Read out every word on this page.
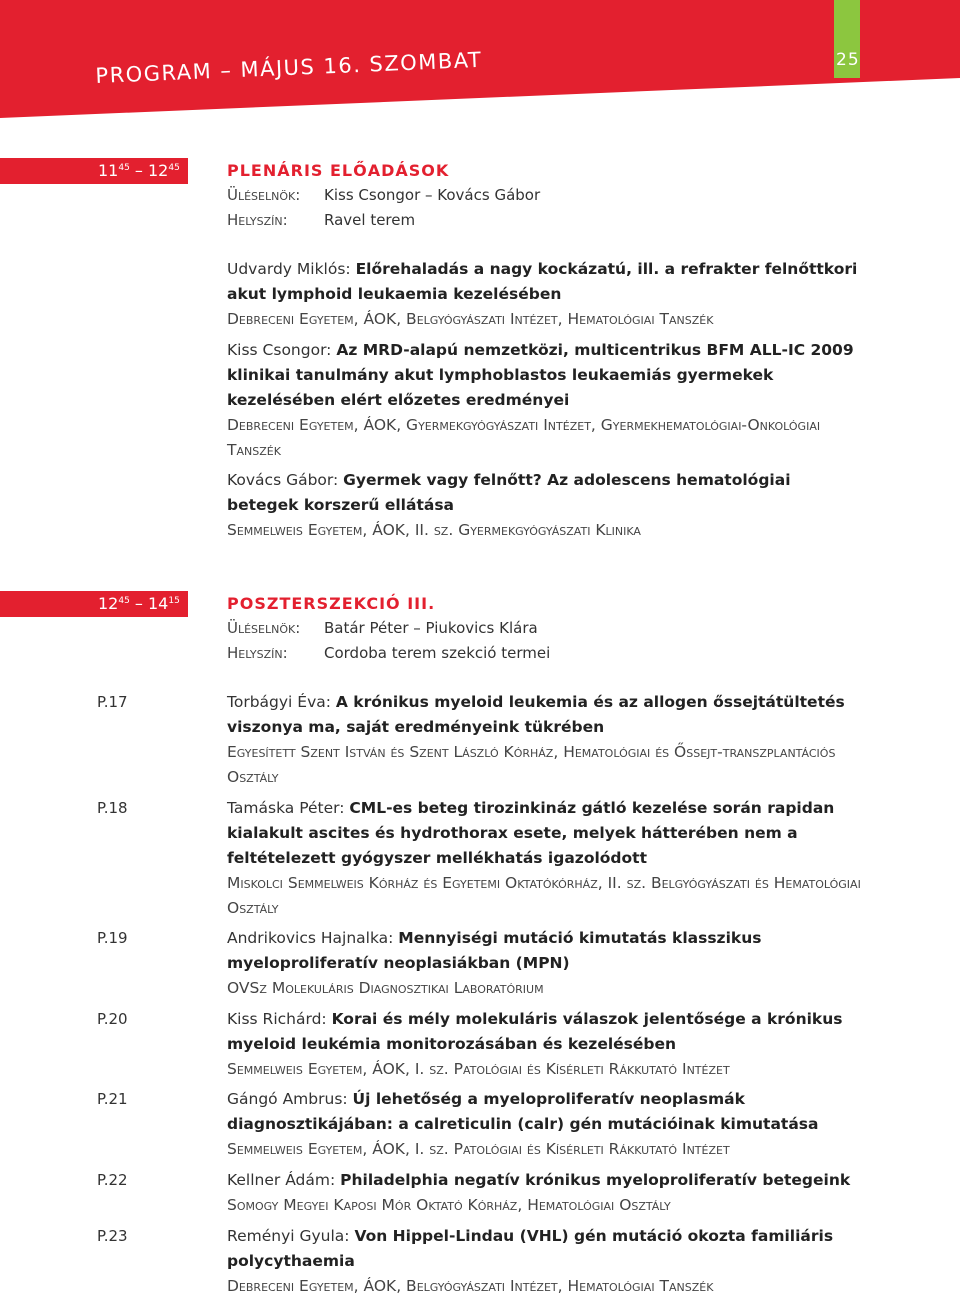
PROGRAM – MÁJUS 16. SZOMBAT	25
$11^{45} - 12^{45}$	PLENÁRIS ELŐADÁSOK
Üléselnök: Kiss Csongor – Kovács Gábor
Helyszín: Ravel terem
Udvardy Miklós: Előrehaladás a nagy kockázatú, ill. a refrakter felnőttkori akut lymphoid leukaemia kezelésében
Debreceni Egyetem, ÁOK, Belgyógyászati Intézet, Hematológiai Tanszék
Kiss Csongor: Az MRD-alapú nemzetközi, multicentrikus BFM ALL-IC 2009 klinikai tanulmány akut lymphoblastos leukaemiás gyermekek kezelésében elért előzetes eredményei
Debreceni Egyetem, ÁOK, Gyermekgyógyászati Intézet, Gyermekhematológiai-Onkológiai Tanszék
Kovács Gábor: Gyermek vagy felnőtt? Az adolescens hematológiai betegek korszerű ellátása
Semmelweis Egyetem, ÁOK, II. sz. Gyermekgyógyászati Klinika
$12^{45} - 14^{15}$	POSZTERSZEKCIÓ III.
Üléselnök: Batár Péter – Piukovics Klára
Helyszín: Cordoba terem szekció termei
P.17	Torbágyi Éva: A krónikus myeloid leukemia és az allogen őssejtátültetés viszonya ma, saját eredményeink tükrében
Egyesített Szent István és Szent László Kórház, Hematológiai és Őssejt-transzplantációs Osztály
P.18	Tamáska Péter: CML-es beteg tirozinkináz gátló kezelése során rapidan kialakult ascites és hydrothorax esete, melyek hátterében nem a feltételezett gyógyszer mellékhatás igazolódott
Miskolci Semmelweis Kórház és Egyetemi Oktatókórház, II. sz. Belgyógyászati és Hematológiai Osztály
P.19	Andrikovics Hajnalka: Mennyiségi mutáció kimutatás klasszikus myeloproliferatív neoplasiákban (MPN)
OVSz Molekuláris Diagnosztikai Laboratórium
P.20	Kiss Richárd: Korai és mély molekuláris válaszok jelentősége a krónikus myeloid leukémia monitorozásában és kezelésében
Semmelweis Egyetem, ÁOK, I. sz. Patológiai és Kísérleti Rákkutató Intézet
P.21	Gángó Ambrus: Új lehetőség a myeloproliferatív neoplasmák diagnosztikájában: a calreticulin (calr) gén mutációinak kimutatása
Semmelweis Egyetem, ÁOK, I. sz. Patológiai és Kísérleti Rákkutató Intézet
P.22	Kellner Ádám: Philadelphia negatív krónikus myeloproliferatív betegeink
Somogy Megyei Kaposi Mór Oktató Kórház, Hematológiai Osztály
P.23	Reményi Gyula: Von Hippel-Lindau (VHL) gén mutáció okozta familiáris polycythaemia
Debreceni Egyetem, ÁOK, Belgyógyászati Intézet, Hematológiai Tanszék
